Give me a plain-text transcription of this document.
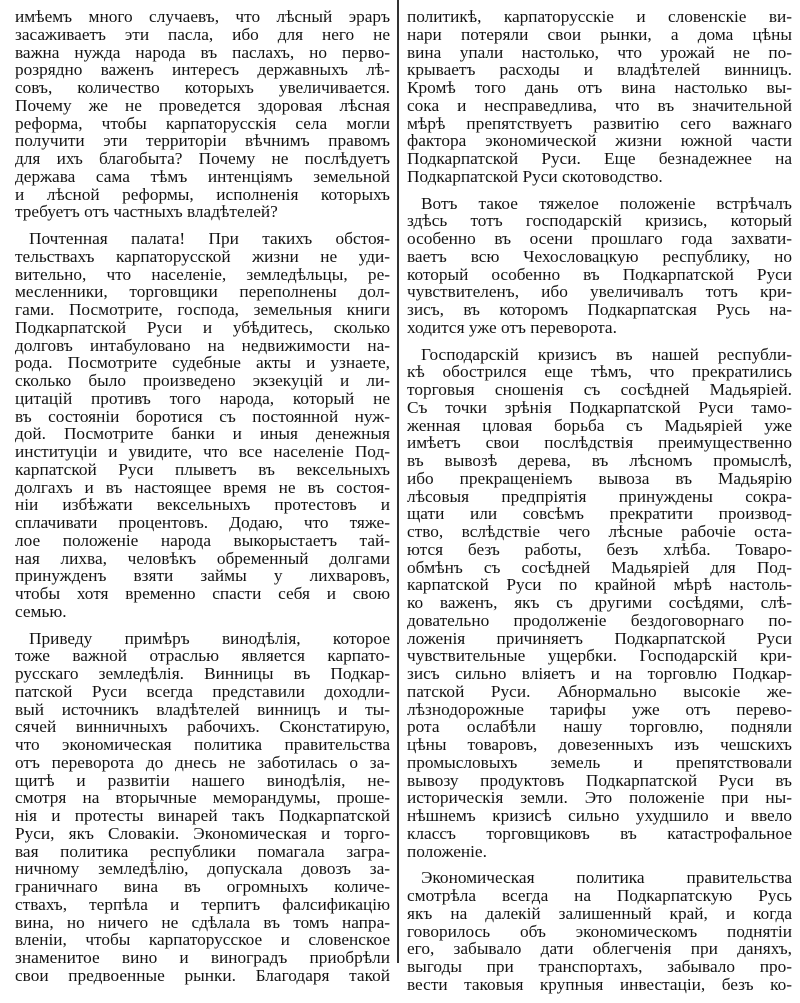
имѣемъ много случаевъ, что лѣсный эраръ
засаживаетъ эти пасла, ибо для него не
важна нужда народа въ паслахъ, но перво-
розрядно важенъ интересъ державныхъ лѣ-
совъ, количество которыхъ увеличивается.
Почему же не проведется здоровая лѣсная
реформа, чтобы карпаторусскія села могли
получити эти территоріи вѣчнимъ правомъ
для ихъ благобыта? Почему не послѣдуетъ
держава сама тѣмъ интенціямъ земельной
и лѣсной реформы, исполненія которыхъ
требуетъ отъ частныхъ владѣтелей?
Почтенная палата! При такихъ обстоя-
тельствахъ карпаторусской жизни не уди-
вительно, что населеніе, земледѣльцы, ре-
месленники, торговщики переполнены дол-
гами. Посмотрите, господа, земельныя книги
Подкарпатской Руси и убѣдитесь, сколько
долговъ интабуловано на недвижимости на-
рода. Посмотрите судебные акты и узнаете,
сколько было произведено экзекуцій и ли-
цитацій противъ того народа, который не
въ состояніи боротися съ постоянной нуж-
дой. Посмотрите банки и иныя денежныя
институціи и увидите, что все населеніе Под-
карпатской Руси плыветъ въ вексельныхъ
долгахъ и въ настоящее время не въ состоя-
ніи избѣжати вексельныхъ протестовъ и
сплачивати процентовъ. Додаю, что тяже-
лое положеніе народа выкорыстаетъ тай-
ная лихва, человѣкъ обременный долгами
принужденъ взяти займы у лихваровъ,
чтобы хотя временно спасти себя и свою
семью.
Приведу примѣръ винодѣлія, которое
тоже важной отраслью является карпато-
русскаго земледѣлія. Винницы въ Подкар-
патской Руси всегда представили доходли-
вый источникъ владѣтелей винницъ и ты-
сячей винничныхъ рабочихъ. Сконстатирую,
что экономическая политика правительства
отъ переворота до днесь не заботилась о за-
щитѣ и развитіи нашего винодѣлія, не-
смотря на вторычные меморандумы, проше-
нія и протесты винарей такъ Подкарпатской
Руси, якъ Словакіи. Экономическая и торго-
вая политика республики помагала загра-
ничному земледѣлію, допускала довозъ за-
граничнаго вина въ огромныхъ количе-
ствахъ, терпѣла и терпитъ фалсификацію
вина, но ничего не сдѣлала въ томъ напра-
вленіи, чтобы карпаторусское и словенское
знаменитое вино и виноградъ приобрѣли
свои предвоенные рынки. Благодаря такой
политикѣ, карпаторусскіе и словенскіе ви-
нари потеряли свои рынки, а дома цѣны
вина упали настолько, что урожай не по-
крываетъ расходы и владѣтелей винницъ.
Кромѣ того дань отъ вина настолько вы-
сока и несправедлива, что въ значительной
мѣрѣ препятствуетъ развитію сего важнаго
фактора экономической жизни южной части
Подкарпатской Руси. Еще безнадежнее на
Подкарпатской Руси скотоводство.
Вотъ такое тяжелое положеніе встрѣчалъ
здѣсь тотъ господарскій кризись, который
особенно въ осени прошлаго года захвати-
ваетъ всю Чехословацкую республику, но
который особенно въ Подкарпатской Руси
чувствителенъ, ибо увеличивалъ тотъ кри-
зисъ, въ которомъ Подкарпатская Русь на-
ходится уже отъ переворота.
Господарскій кризисъ въ нашей республи-
кѣ обострился еще тѣмъ, что прекратились
торговыя сношенія съ сосѣдней Мадьяріей.
Съ точки зрѣнія Подкарпатской Руси тамо-
женная цловая борьба съ Мадьяріей уже
имѣетъ свои послѣдствія преимущественно
въ вывозѣ дерева, въ лѣсномъ промыслѣ,
ибо прекращеніемъ вывоза въ Мадьярію
лѣсовыя предпріятія принуждены сокра-
щати или совсѣмъ прекратити производ-
ство, вслѣдствіе чего лѣсные рабочіе оста-
ются безъ работы, безъ хлѣба. Товаро-
обмѣнъ съ сосѣдней Мадьяріей для Под-
карпатской Руси по крайной мѣрѣ настоль-
ко важенъ, якъ съ другими сосѣдями, слѣ-
довательно продолженіе бездоговорнаго по-
ложенія причиняетъ Подкарпатской Руси
чувствительные ущербки. Господарскій кри-
зисъ сильно вліяетъ и на торговлю Подкар-
патской Руси. Абнормально высокіе же-
лѣзнодорожные тарифы уже отъ перево-
рота ослабѣли нашу торговлю, подняли
цѣны товаровъ, довезенныхъ изъ чешскихъ
промысловыхъ земель и препятствовали
вывозу продуктовъ Подкарпатской Руси въ
историческія земли. Это положеніе при ны-
нѣшнемъ кризисѣ сильно ухудшило и ввело
классъ торговщиковъ въ катастрофальное
положеніе.
Экономическая политика правительства
смотрѣла всегда на Подкарпатскую Русь
якъ на далекій залишенный край, и когда
говорилось объ экономическомъ поднятіи
его, забывало дати облегченія при даняхъ,
выгоды при транспортахъ, забывало про-
вести таковыя крупныя инвестаціи, безъ ко-
